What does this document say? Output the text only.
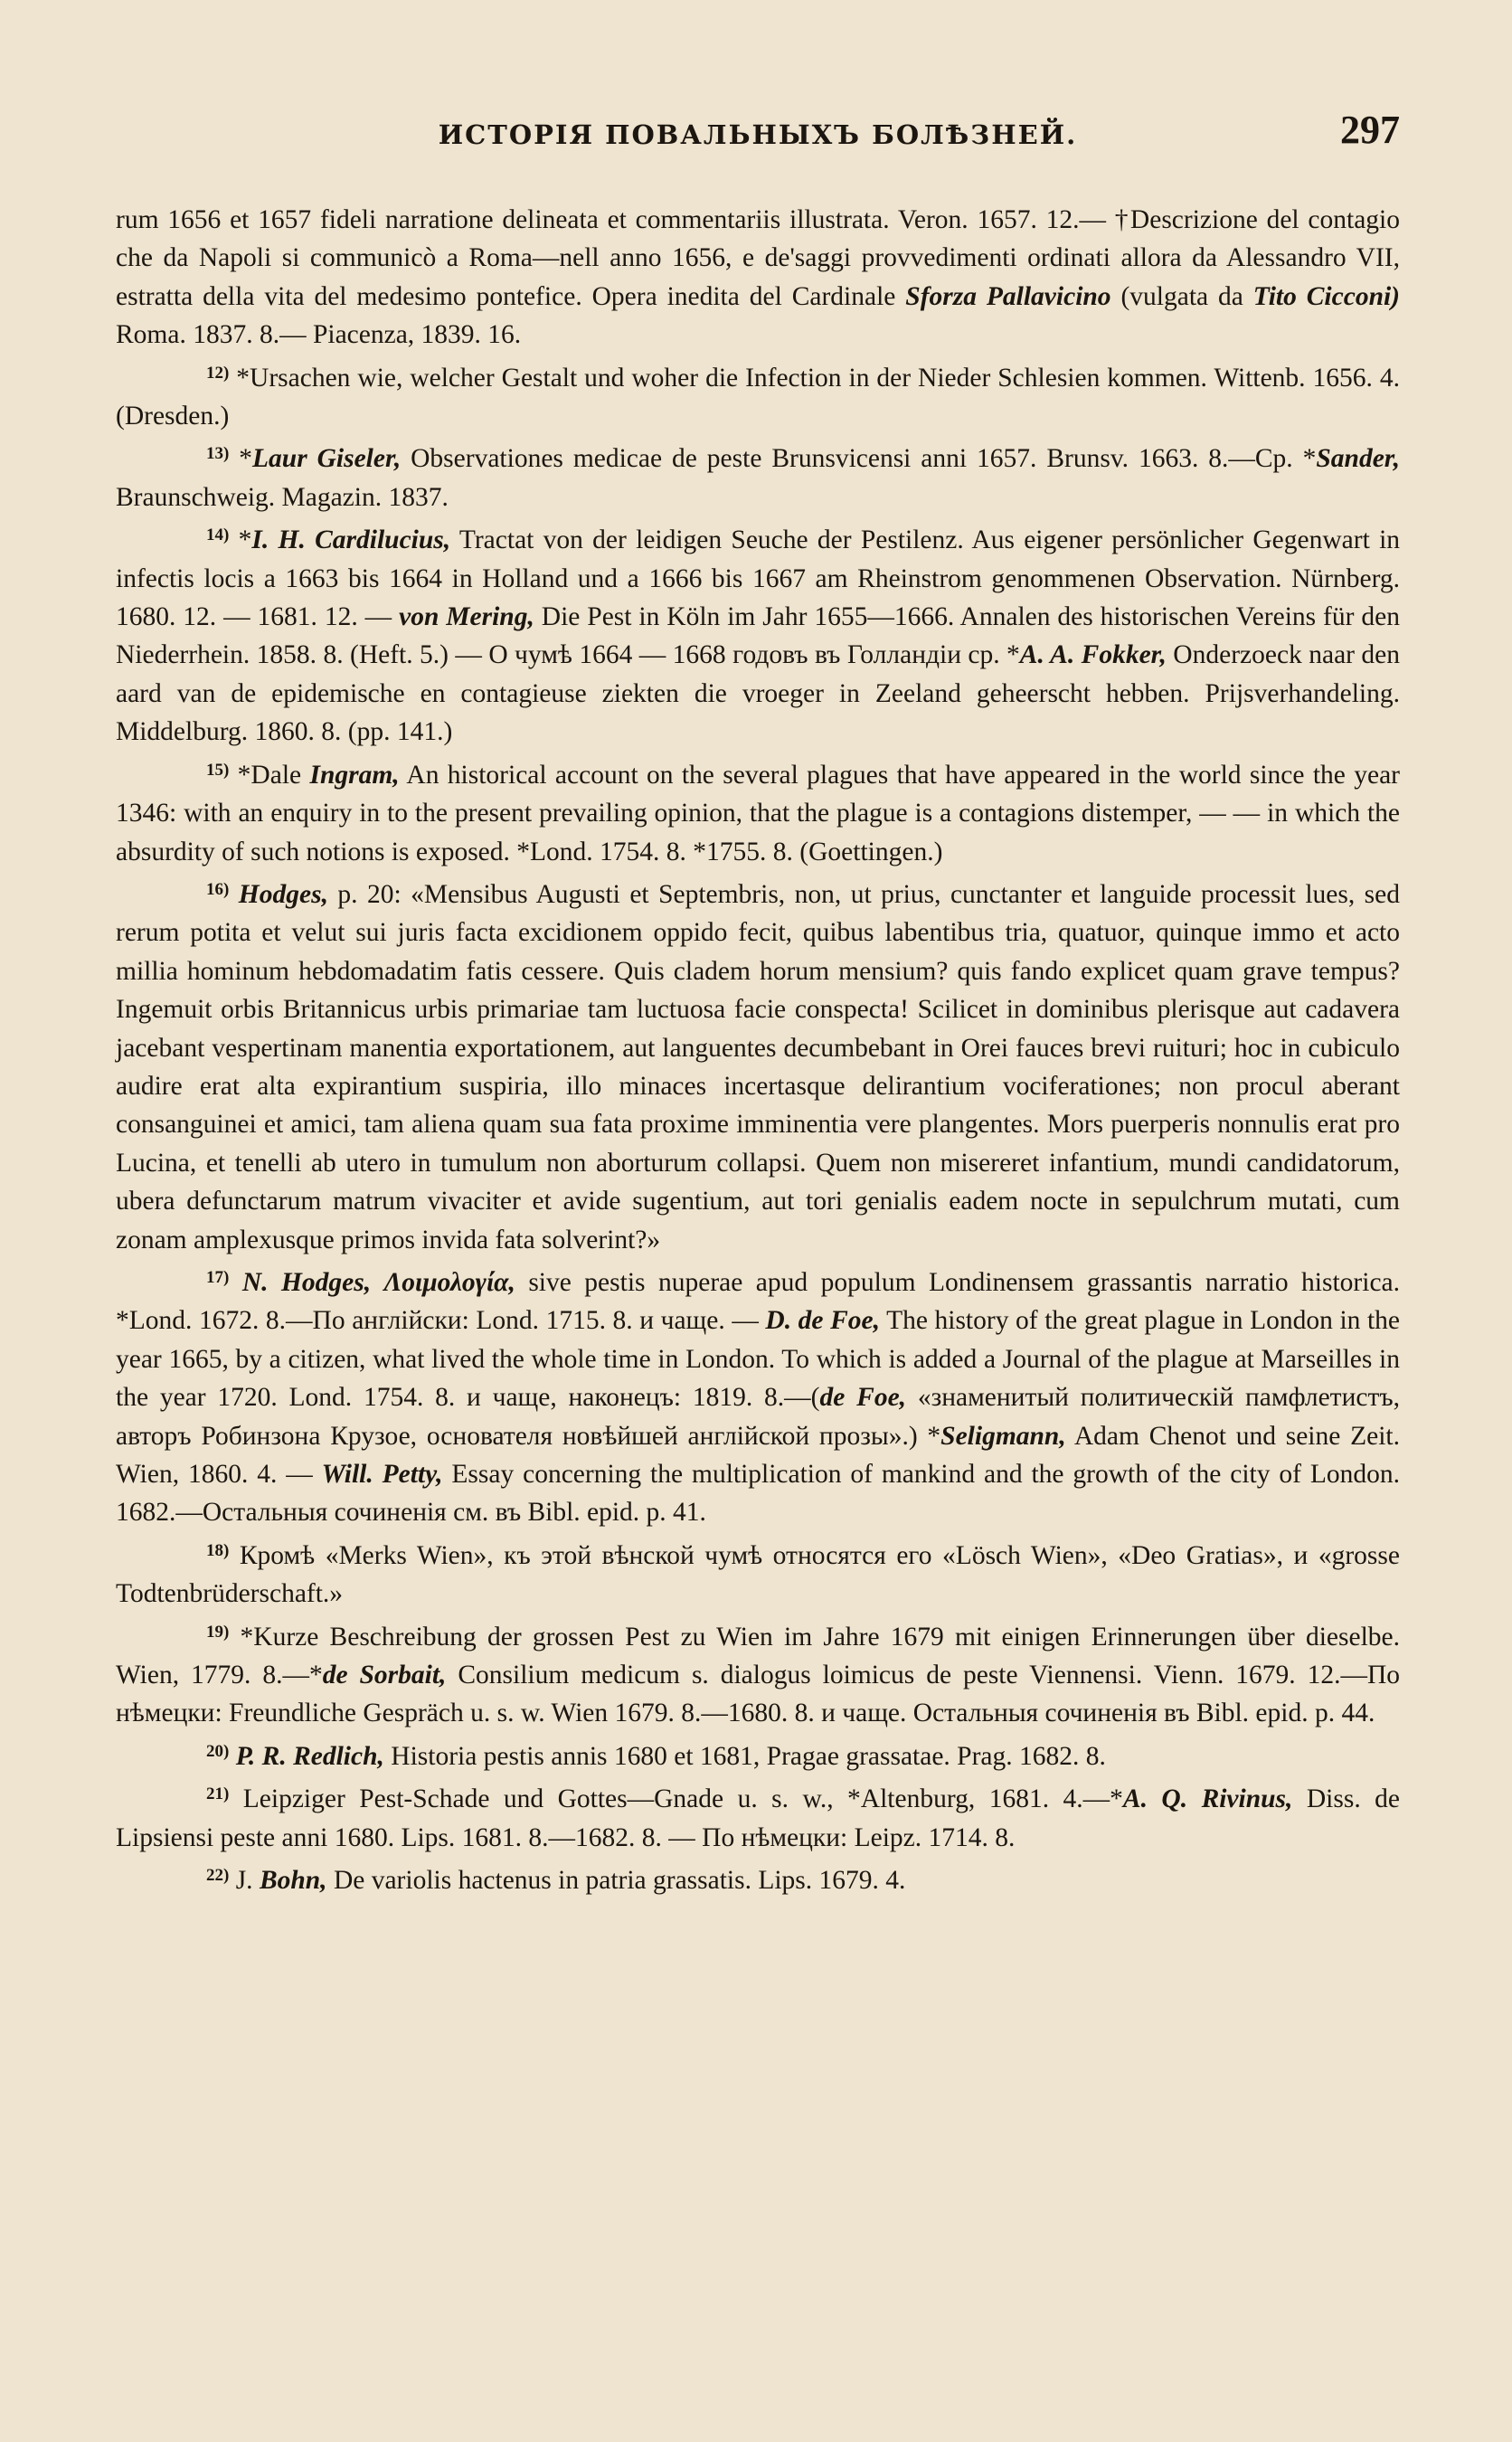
ИСТОРІЯ ПОВАЛЬНЫХЪ БОЛѢЗНЕЙ.	297

rum 1656 et 1657 fideli narratione delineata et commentariis illustrata. Veron. 1657. 12.— †Descrizione del contagio che da Napoli si communicò a Roma—nell anno 1656, e de'saggi provvedimenti ordinati allora da Alessandro VII, estratta della vita del medesimo pontefice. Opera inedita del Cardinale Sforza Pallavicino (vulgata da Tito Cicconi) Roma. 1837. 8.— Piacenza, 1839. 16.

$^{12)}$ *Ursachen wie, welcher Gestalt und woher die Infection in der Nieder Schlesien kommen. Wittenb. 1656. 4. (Dresden.)

$^{13)}$ *Laur Giseler, Observationes medicae de peste Brunsvicensi anni 1657. Brunsv. 1663. 8.—Ср. *Sander, Braunschweig. Magazin. 1837.

$^{14)}$ *I. H. Cardilucius, Tractat von der leidigen Seuche der Pestilenz. Aus eigener persönlicher Gegenwart in infectis locis a 1663 bis 1664 in Holland und a 1666 bis 1667 am Rheinstrom genommenen Observation. Nürnberg. 1680. 12. — 1681. 12. — von Mering, Die Pest in Köln im Jahr 1655—1666. Annalen des historischen Vereins für den Niederrhein. 1858. 8. (Heft. 5.) — О чумѣ 1664 — 1668 годовъ въ Голландіи ср. *A. A. Fokker, Onderzoeck naar den aard van de epidemische en contagieuse ziekten die vroeger in Zeeland geheerscht hebben. Prijsverhandeling. Middelburg. 1860. 8. (pp. 141.)

$^{15)}$ *Dale Ingram, An historical account on the several plagues that have appeared in the world since the year 1346: with an enquiry in to the present prevailing opinion, that the plague is a contagions distemper, — — in which the absurdity of such notions is exposed. *Lond. 1754. 8. *1755. 8. (Goettingen.)

$^{16)}$ Hodges, p. 20: «Mensibus Augusti et Septembris, non, ut prius, cunctanter et languide processit lues, sed rerum potita et velut sui juris facta excidionem oppido fecit, quibus labentibus tria, quatuor, quinque immo et acto millia hominum hebdomadatim fatis cessere. Quis cladem horum mensium? quis fando explicet quam grave tempus? Ingemuit orbis Britannicus urbis primariae tam luctuosa facie conspecta! Scilicet in dominibus plerisque aut cadavera jacebant vespertinam manentia exportationem, aut languentes decumbebant in Orei fauces brevi ruituri; hoc in cubiculo audire erat alta expirantium suspiria, illo minaces incertasque delirantium vociferationes; non procul aberant consanguinei et amici, tam aliena quam sua fata proxime imminentia vere plangentes. Mors puerperis nonnulis erat pro Lucina, et tenelli ab utero in tumulum non aborturum collapsi. Quem non misereret infantium, mundi candidatorum, ubera defunctarum matrum vivaciter et avide sugentium, aut tori genialis eadem nocte in sepulchrum mutati, cum zonam amplexusque primos invida fata solverint?»

$^{17)}$ N. Hodges, Λοιμολογία, sive pestis nuperae apud populum Londinensem grassantis narratio historica. *Lond. 1672. 8.—По англійски: Lond. 1715. 8. и чаще. — D. de Foe, The history of the great plague in London in the year 1665, by a citizen, what lived the whole time in London. To which is added a Journal of the plague at Marseilles in the year 1720. Lond. 1754. 8. и чаще, наконецъ: 1819. 8.—(de Foe, «знаменитый политическій памфлетистъ, авторъ Робинзона Крузое, основателя новѣйшей англійской прозы».) *Seligmann, Adam Chenot und seine Zeit. Wien, 1860. 4. — Will. Petty, Essay concerning the multiplication of mankind and the growth of the city of London. 1682.—Остальныя сочиненія см. въ Bibl. epid. p. 41.

$^{18)}$ Кромѣ «Merks Wien», къ этой вѣнской чумѣ относятся его «Lösch Wien», «Deo Gratias», и «grosse Todtenbrüderschaft.»

$^{19)}$ *Kurze Beschreibung der grossen Pest zu Wien im Jahre 1679 mit einigen Erinnerungen über dieselbe. Wien, 1779. 8.—*de Sorbait, Consilium medicum s. dialogus loimicus de peste Viennensi. Vienn. 1679. 12.—По нѣмецки: Freundliche Gespräch u. s. w. Wien 1679. 8.—1680. 8. и чаще. Остальныя сочиненія въ Bibl. epid. p. 44.

$^{20)}$ P. R. Redlich, Historia pestis annis 1680 et 1681, Pragae grassatae. Prag. 1682. 8.

$^{21)}$ Leipziger Pest-Schade und Gottes—Gnade u. s. w., *Altenburg, 1681. 4.—*A. Q. Rivinus, Diss. de Lipsiensi peste anni 1680. Lips. 1681. 8.—1682. 8. — По нѣмецки: Leipz. 1714. 8.

$^{22)}$ J. Bohn, De variolis hactenus in patria grassatis. Lips. 1679. 4.
